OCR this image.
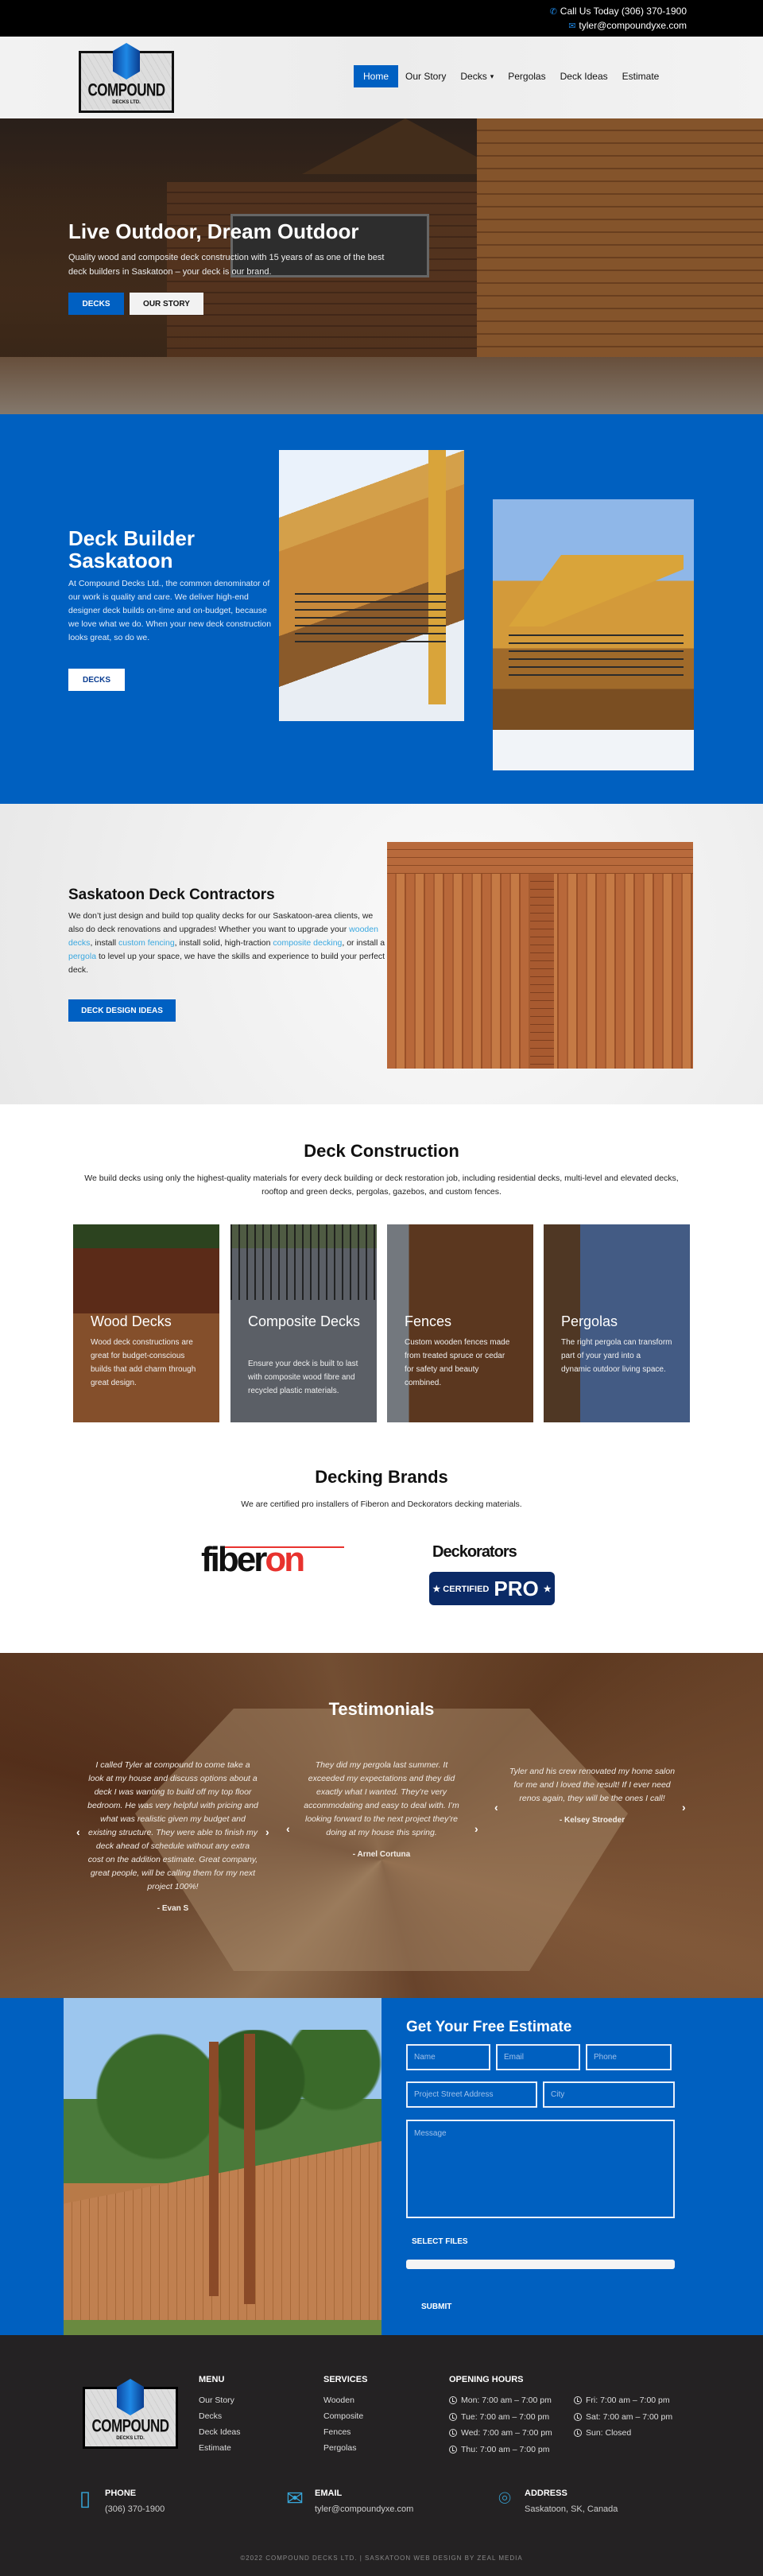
✆ Call Us Today (306) 370-1900
✉ tyler@compoundyxe.com
COMPOUND
DECKS LTD.
Home Our Story Decks ▾ Pergolas Deck Ideas Estimate
Live Outdoor, Dream Outdoor

Quality wood and composite deck construction with 15 years of as one of the best deck builders in Saskatoon – your deck is our brand.

DECKS	OUR STORY
Deck Builder Saskatoon

At Compound Decks Ltd., the common denominator of our work is quality and care. We deliver high-end designer deck builds on-time and on-budget, because we love what we do. When your new deck construction looks great, so do we.

DECKS
Saskatoon Deck Contractors

We don’t just design and build top quality decks for our Saskatoon-area clients, we also do deck renovations and upgrades! Whether you want to upgrade your wooden decks, install custom fencing, install solid, high-traction composite decking, or install a pergola to level up your space, we have the skills and experience to build your perfect deck.

DECK DESIGN IDEAS
Deck Construction

We build decks using only the highest-quality materials for every deck building or deck restoration job, including residential decks, multi-level and elevated decks, rooftop and green decks, pergolas, gazebos, and custom fences.

Wood Decks
Wood deck constructions are great for budget-conscious builds that add charm through great design.
Composite Decks
Ensure your deck is built to last with composite wood fibre and recycled plastic materials.
Fences
Custom wooden fences made from treated spruce or cedar for safety and beauty combined.
Pergolas
The right pergola can transform part of your yard into a dynamic outdoor living space.
Decking Brands

We are certified pro installers of Fiberon and Deckorators decking materials.

fiberon	Deckorators
★ CERTIFIED PRO ★
Testimonials
I called Tyler at compound to come take a look at my house and discuss options about a deck I was wanting to build off my top floor bedroom. He was very helpful with pricing and what was realistic given my budget and existing structure. They were able to finish my deck ahead of schedule without any extra cost on the addition estimate. Great company, great people, will be calling them for my next project 100%!
- Evan S
‹	›
They did my pergola last summer. It exceeded my expectations and they did exactly what I wanted. They’re very accommodating and easy to deal with. I’m looking forward to the next project they’re doing at my house this spring.
- Arnel Cortuna
‹	›
Tyler and his crew renovated my home salon for me and I loved the result! If I ever need renos again, they will be the ones I call!
- Kelsey Stroeder
‹	›
Get Your Free Estimate
Name	Email	Phone
Project Street Address	City
Message
SELECT FILES
SUBMIT
COMPOUND
DECKS LTD.
MENU
Our Story
Decks
Deck Ideas
Estimate
SERVICES
Wooden
Composite
Fences
Pergolas
OPENING HOURS
Mon: 7:00 am – 7:00 pm
Tue: 7:00 am – 7:00 pm
Wed: 7:00 am – 7:00 pm
Thu: 7:00 am – 7:00 pm
Fri: 7:00 am – 7:00 pm
Sat: 7:00 am – 7:00 pm
Sun: Closed
▯	PHONE
(306) 370-1900	✉	EMAIL
tyler@compoundyxe.com	⌾	ADDRESS
Saskatoon, SK, Canada
©2022 COMPOUND DECKS LTD. | SASKATOON WEB DESIGN BY ZEAL MEDIA
